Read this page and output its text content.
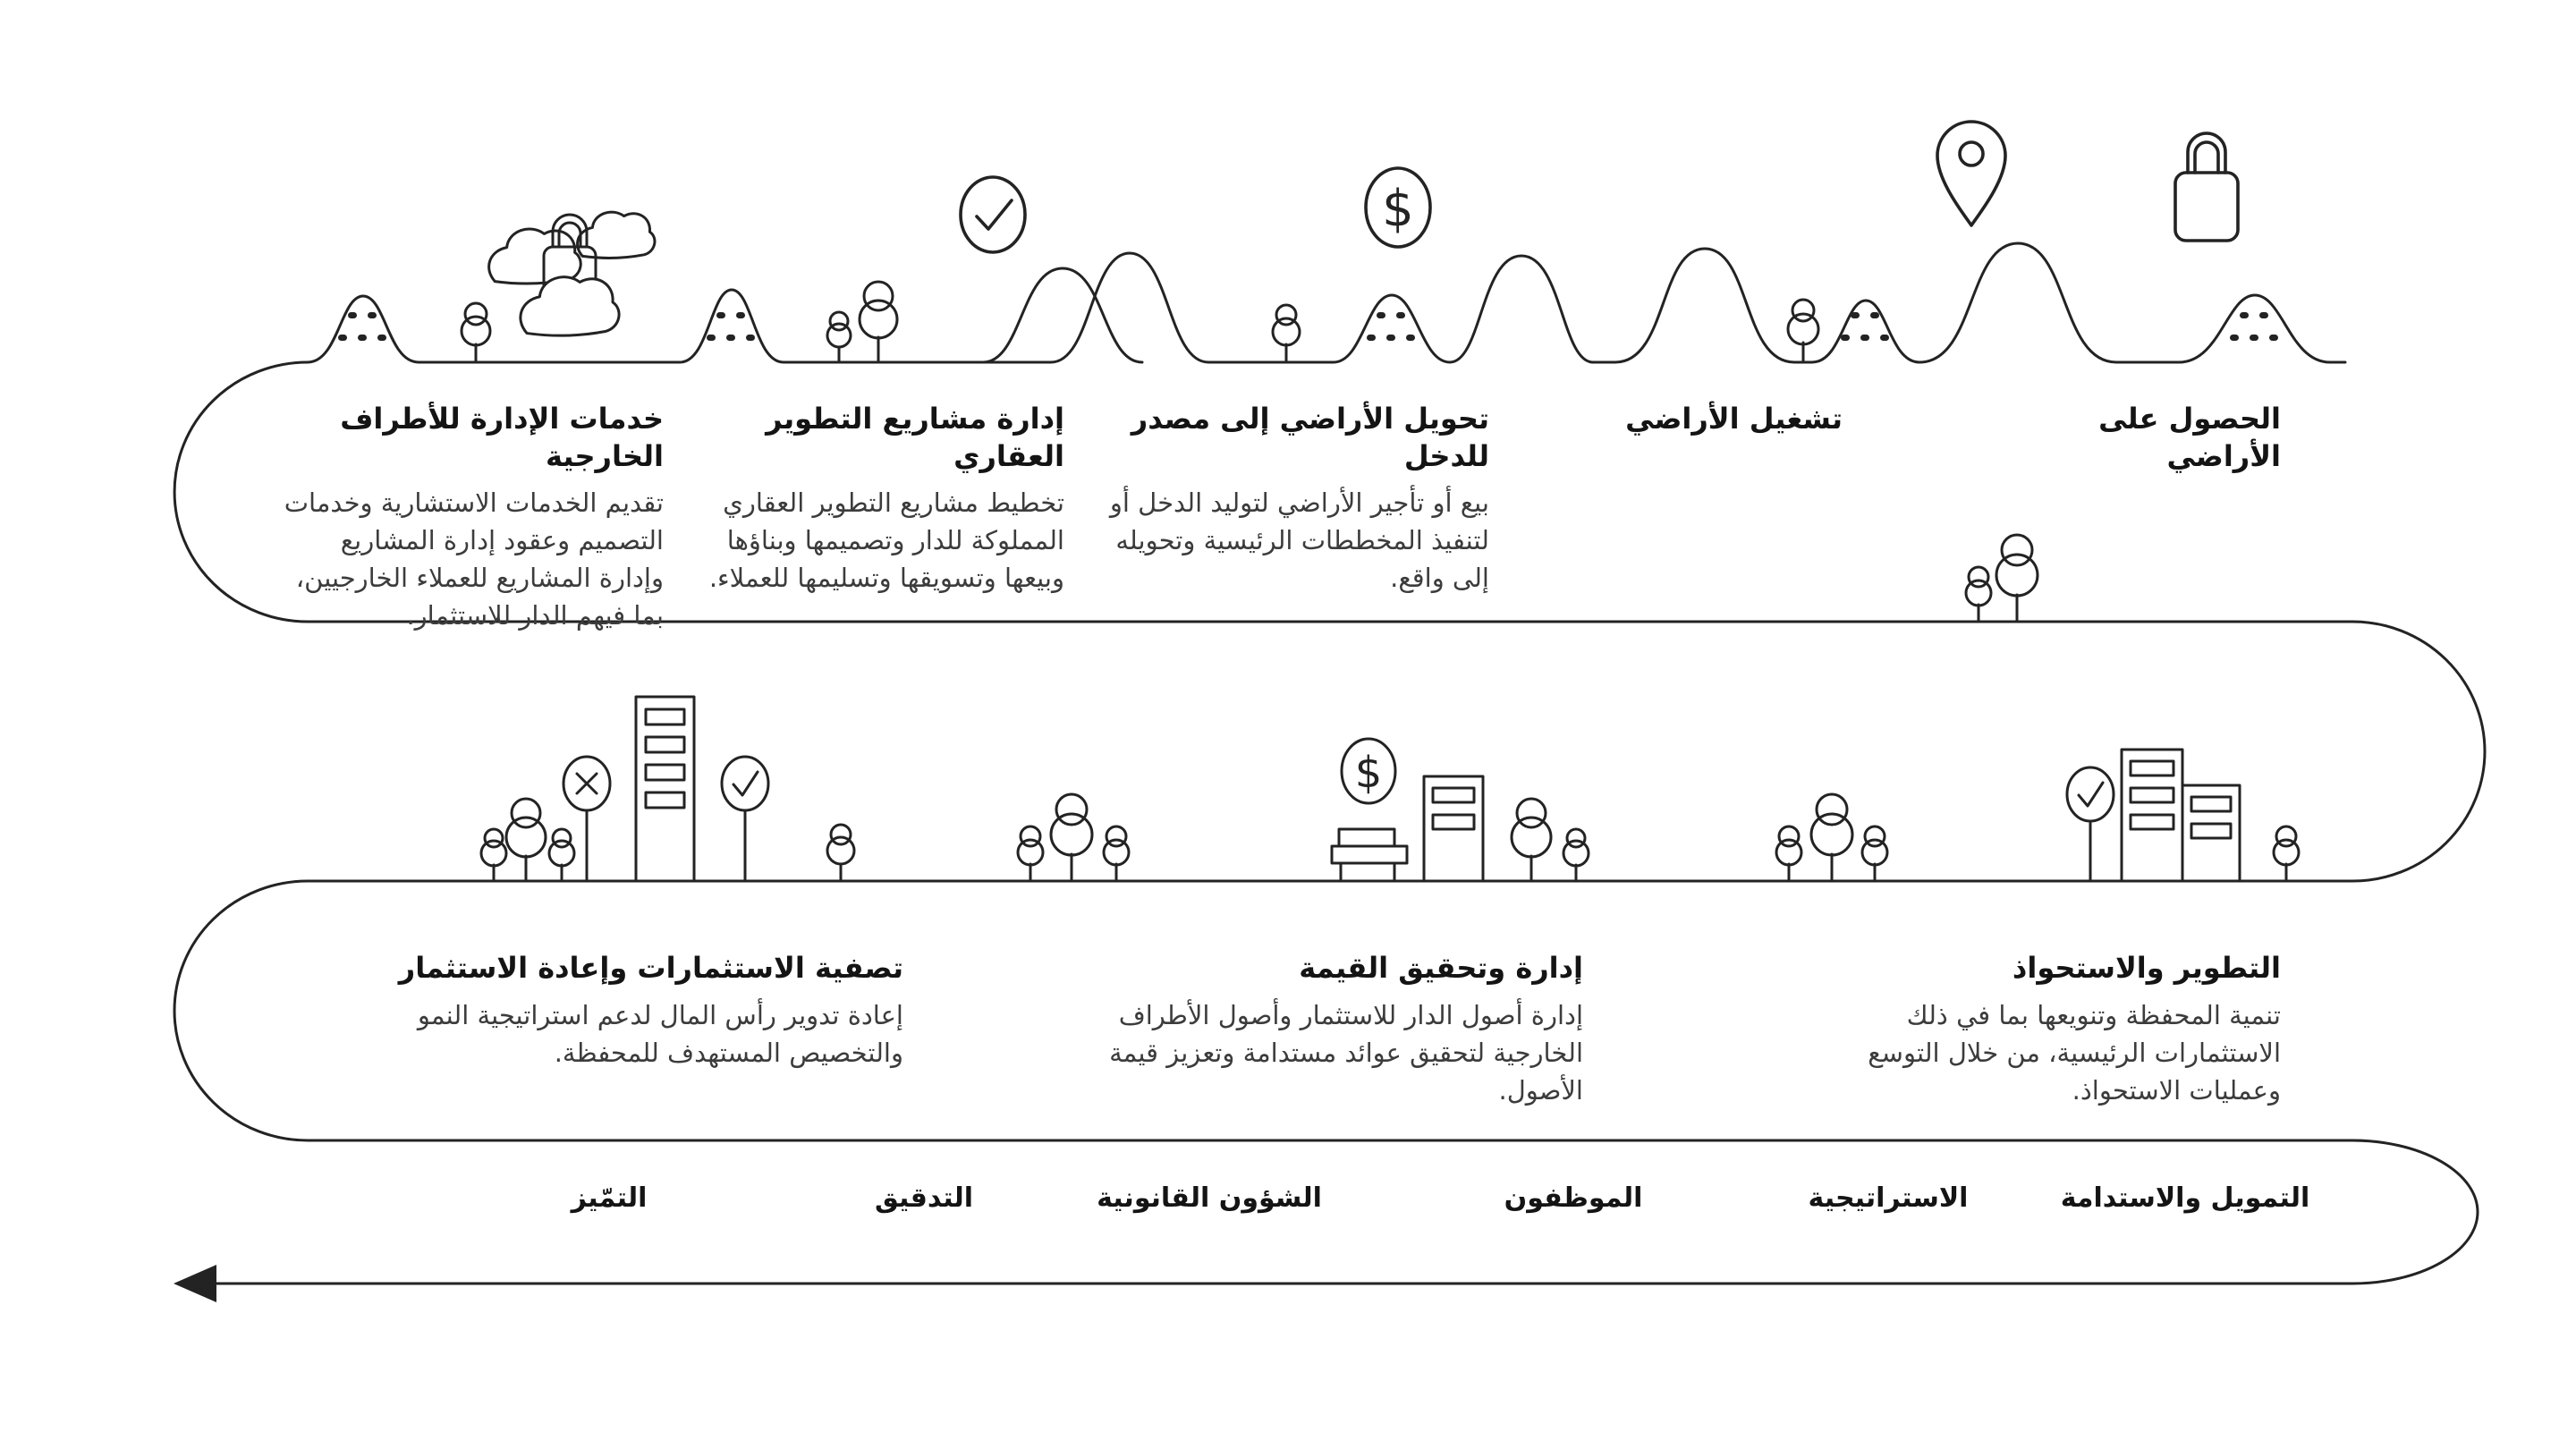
$
$
الحصول على الأراضي
تشغيل الأراضي
تحويل الأراضي إلى مصدر للدخل

بيع أو تأجير الأراضي لتوليد الدخل أو لتنفيذ المخططات الرئيسية وتحويله إلى واقع.

إدارة مشاريع التطوير العقاري

تخطيط مشاريع التطوير العقاري المملوكة للدار وتصميمها وبناؤها وبيعها وتسويقها وتسليمها للعملاء.

خدمات الإدارة للأطراف الخارجية

تقديم الخدمات الاستشارية وخدمات التصميم وعقود إدارة المشاريع وإدارة المشاريع للعملاء الخارجيين، بما فيهم الدار للاستثمار.

التطوير والاستحواذ

تنمية المحفظة وتنويعها بما في ذلك الاستثمارات الرئيسية، من خلال التوسع وعمليات الاستحواذ.

إدارة وتحقيق القيمة

إدارة أصول الدار للاستثمار وأصول الأطراف الخارجية لتحقيق عوائد مستدامة وتعزيز قيمة الأصول.

تصفية الاستثمارات وإعادة الاستثمار

إعادة تدوير رأس المال لدعم استراتيجية النمو والتخصيص المستهدف للمحفظة.

التمويل والاستدامة
الاستراتيجية
الموظفون
الشؤون القانونية
التدقيق
التمّيز
